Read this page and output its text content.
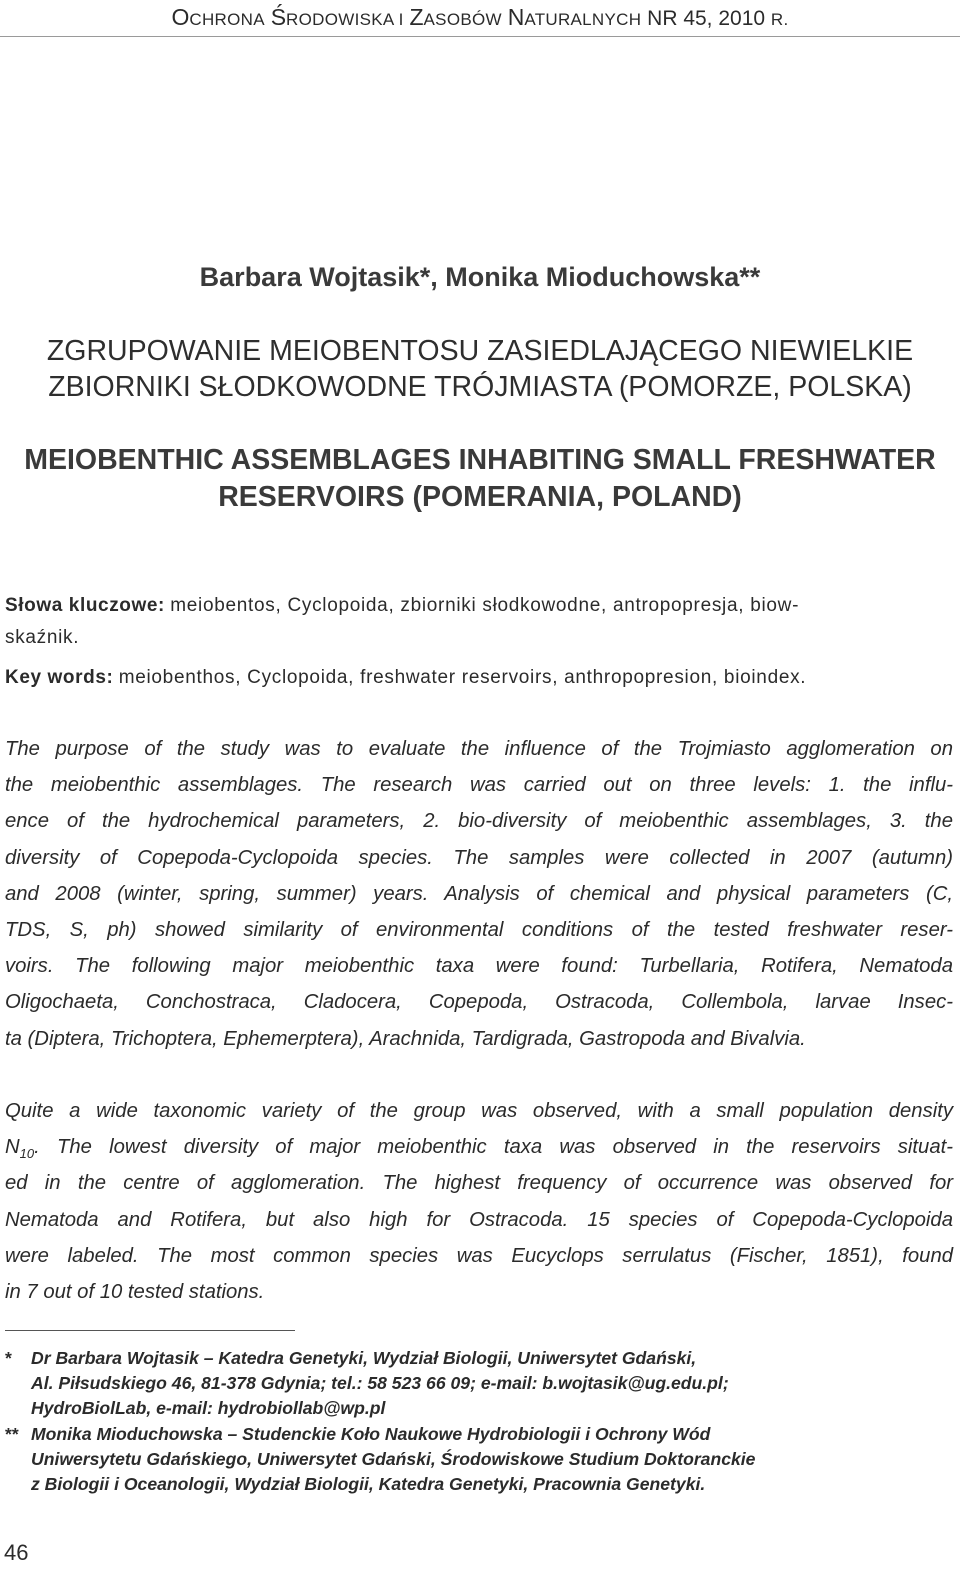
OCHRONA ŚRODOWISKA I ZASOBÓW NATURALNYCH NR 45, 2010 R.
Barbara Wojtasik*, Monika Mioduchowska**
ZGRUPOWANIE MEIOBENTOSU ZASIEDLAJĄCEGO NIEWIELKIE
ZBIORNIKI SŁODKOWODNE TRÓJMIASTA (POMORZE, POLSKA)
MEIOBENTHIC ASSEMBLAGES INHABITING SMALL FRESHWATER
RESERVOIRS (POMERANIA, POLAND)
Słowa kluczowe: meiobentos, Cyclopoida, zbiorniki słodkowodne, antropopresja, biow-
skaźnik.
Key words: meiobenthos, Cyclopoida, freshwater reservoirs, anthropopresion, bioindex.
The purpose of the study was to evaluate the influence of the Trojmiasto agglomeration on
the meiobenthic assemblages. The research was carried out on three levels: 1. the influ-
ence of the hydrochemical parameters, 2. bio-diversity of meiobenthic assemblages, 3. the
diversity of Copepoda-Cyclopoida species. The samples were collected in 2007 (autumn)
and 2008 (winter, spring, summer) years. Analysis of chemical and physical parameters (C,
TDS, S, ph) showed similarity of environmental conditions of the tested freshwater reser-
voirs. The following major meiobenthic taxa were found: Turbellaria, Rotifera, Nematoda
Oligochaeta, Conchostraca, Cladocera, Copepoda, Ostracoda, Collembola, larvae Insec-
ta (Diptera, Trichoptera, Ephemerptera), Arachnida, Tardigrada, Gastropoda and Bivalvia.
Quite a wide taxonomic variety of the group was observed, with a small population density
$N_{10}$. The lowest diversity of major meiobenthic taxa was observed in the reservoirs situat-
ed in the centre of agglomeration. The highest frequency of occurrence was observed for
Nematoda and Rotifera, but also high for Ostracoda. 15 species of Copepoda-Cyclopoida
were labeled. The most common species was Eucyclops serrulatus (Fischer, 1851), found
in 7 out of 10 tested stations.
* Dr Barbara Wojtasik – Katedra Genetyki, Wydział Biologii, Uniwersytet Gdański,
Al. Piłsudskiego 46, 81-378 Gdynia; tel.: 58 523 66 09; e-mail: b.wojtasik@ug.edu.pl;
HydroBiolLab, e-mail: hydrobiollab@wp.pl
** Monika Mioduchowska – Studenckie Koło Naukowe Hydrobiologii i Ochrony Wód
Uniwersytetu Gdańskiego, Uniwersytet Gdański, Środowiskowe Studium Doktoranckie
z Biologii i Oceanologii, Wydział Biologii, Katedra Genetyki, Pracownia Genetyki.
46
